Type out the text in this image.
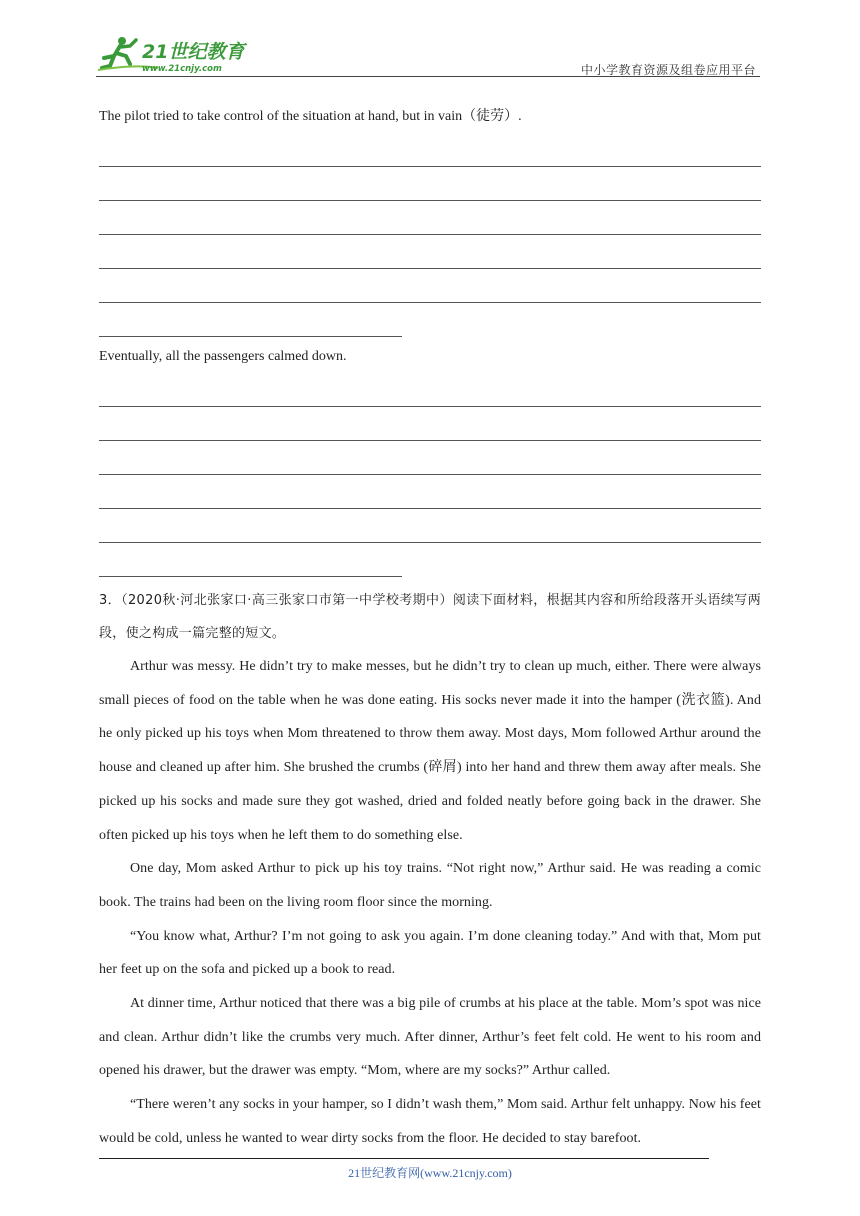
21世纪教育
www.21cnjy.com	中小学教育资源及组卷应用平台
The pilot tried to take control of the situation at hand, but in vain（徒劳）.
Eventually, all the passengers calmed down.
3．（2020秋·河北张家口·高三张家口市第一中学校考期中）阅读下面材料，根据其内容和所给段落开头语续写两段，使之构成一篇完整的短文。

Arthur was messy. He didn’t try to make messes, but he didn’t try to clean up much, either. There were always small pieces of food on the table when he was done eating. His socks never made it into the hamper (洗衣篮). And he only picked up his toys when Mom threatened to throw them away. Most days, Mom followed Arthur around the house and cleaned up after him. She brushed the crumbs (碎屑) into her hand and threw them away after meals. She picked up his socks and made sure they got washed, dried and folded neatly before going back in the drawer. She often picked up his toys when he left them to do something else.

One day, Mom asked Arthur to pick up his toy trains. “Not right now,” Arthur said. He was reading a comic book. The trains had been on the living room floor since the morning.

“You know what, Arthur? I’m not going to ask you again. I’m done cleaning today.” And with that, Mom put her feet up on the sofa and picked up a book to read.

At dinner time, Arthur noticed that there was a big pile of crumbs at his place at the table. Mom’s spot was nice and clean. Arthur didn’t like the crumbs very much. After dinner, Arthur’s feet felt cold. He went to his room and opened his drawer, but the drawer was empty. “Mom, where are my socks?” Arthur called.

“There weren’t any socks in your hamper, so I didn’t wash them,” Mom said. Arthur felt unhappy. Now his feet would be cold, unless he wanted to wear dirty socks from the floor. He decided to stay barefoot.

21世纪教育网(www.21cnjy.com)
